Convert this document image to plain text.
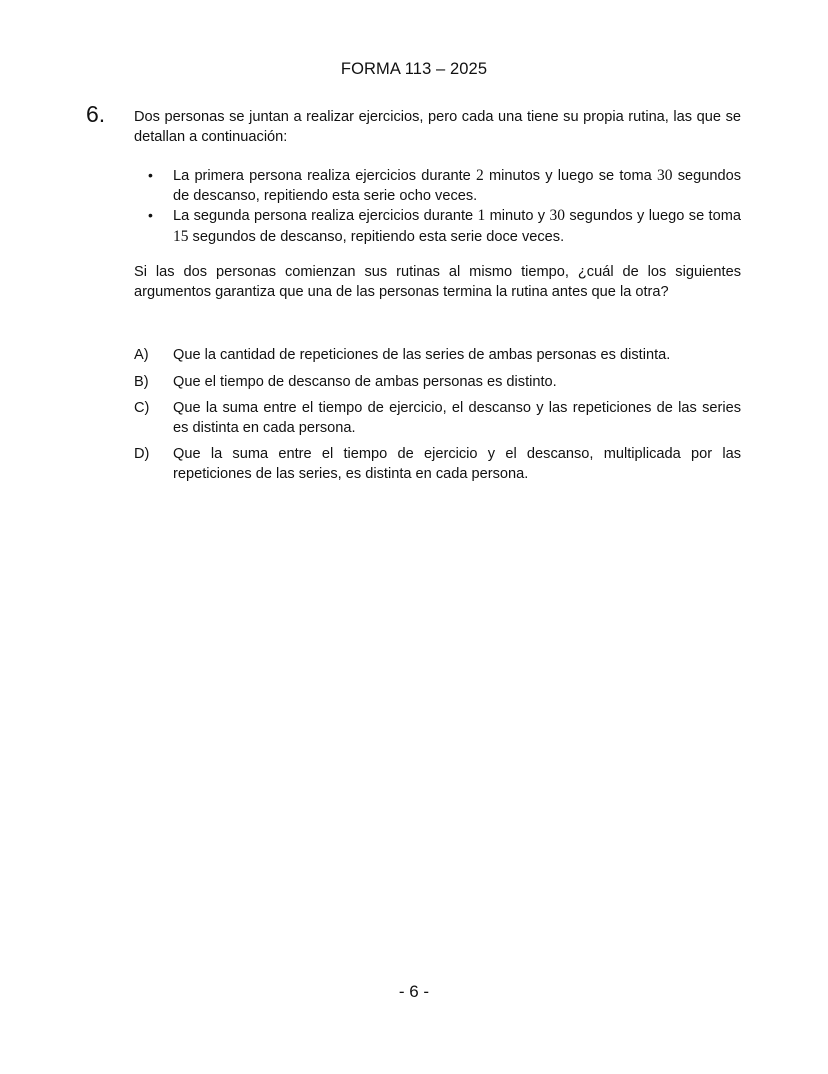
FORMA 113 – 2025
6. Dos personas se juntan a realizar ejercicios, pero cada una tiene su propia rutina, las que se detallan a continuación:
• La primera persona realiza ejercicios durante 2 minutos y luego se toma 30 segundos de descanso, repitiendo esta serie ocho veces.
• La segunda persona realiza ejercicios durante 1 minuto y 30 segundos y luego se toma 15 segundos de descanso, repitiendo esta serie doce veces.
Si las dos personas comienzan sus rutinas al mismo tiempo, ¿cuál de los siguientes argumentos garantiza que una de las personas termina la rutina antes que la otra?
A) Que la cantidad de repeticiones de las series de ambas personas es distinta.
B) Que el tiempo de descanso de ambas personas es distinto.
C) Que la suma entre el tiempo de ejercicio, el descanso y las repeticiones de las series es distinta en cada persona.
D) Que la suma entre el tiempo de ejercicio y el descanso, multiplicada por las repeticiones de las series, es distinta en cada persona.
- 6 -
